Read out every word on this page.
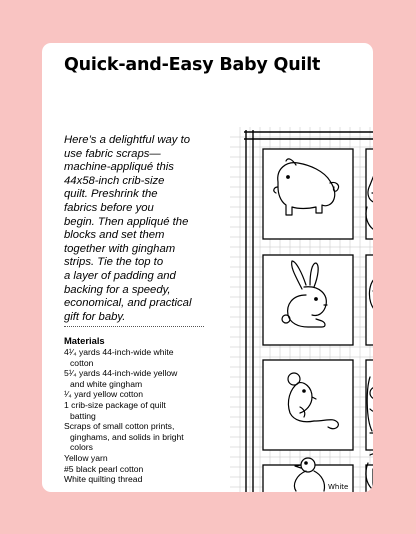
Quick-and-Easy Baby Quilt

Here’s a delightful way to
use fabric scraps—
machine-appliqué this
44x58-inch crib-size
quilt. Preshrink the
fabrics before you
begin. Then appliqué the
blocks and set them
together with gingham
strips. Tie the top to
a layer of padding and
backing for a speedy,
economical, and practical
gift for baby.

Materials
4¹⁄₄ yards 44-inch-wide white
cotton
5¹⁄₄ yards 44-inch-wide yellow
and white gingham
¹⁄₄ yard yellow cotton
1 crib-size package of quilt
batting
Scraps of small cotton prints,
ginghams, and solids in bright
colors
Yellow yarn
#5 black pearl cotton
White quilting thread
White
